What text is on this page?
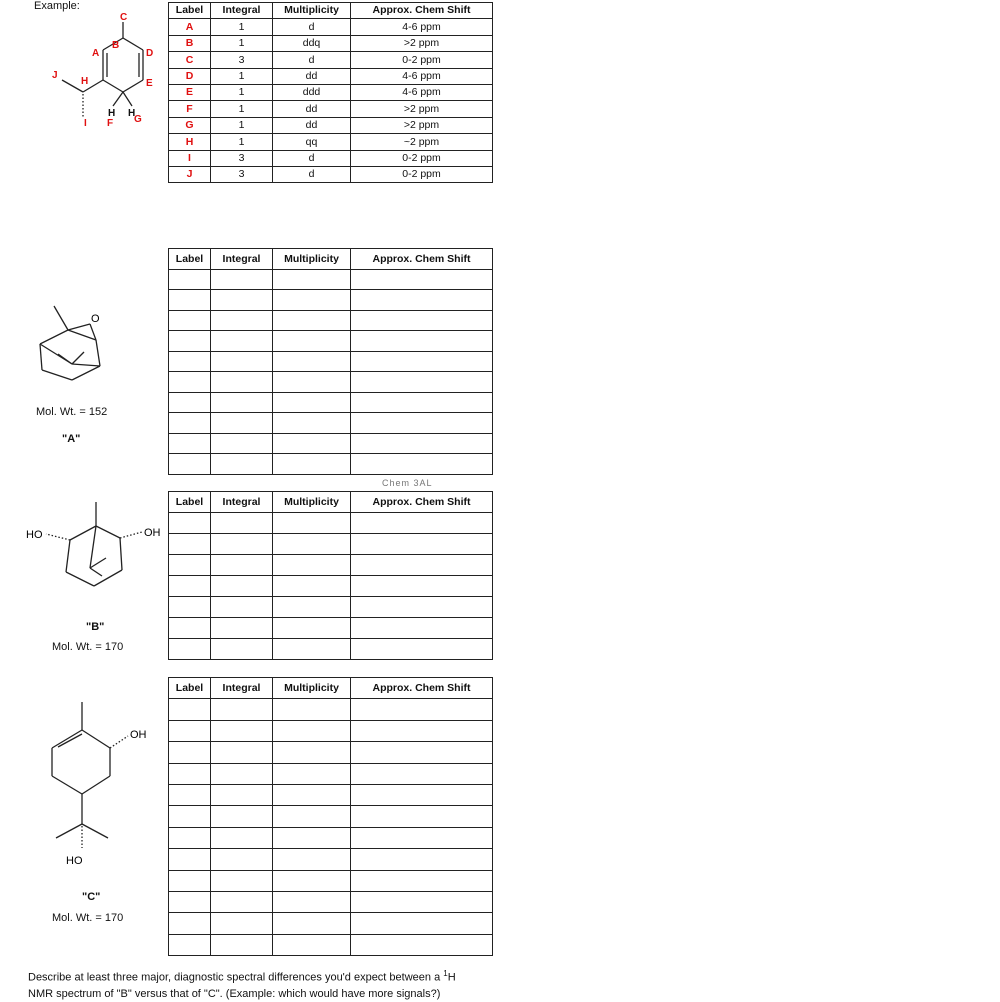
Example:
C
B
A	D
E
H
J
I F G
H H
Label	Integral	Multiplicity	Approx. Chem Shift
A	1	d	4-6 ppm
B	1	ddq	>2 ppm
C	3	d	0-2 ppm
D	1	dd	4-6 ppm
E	1	ddd	4-6 ppm
F	1	dd	>2 ppm
G	1	dd	>2 ppm
H	1	qq	~2 ppm
I	3	d	0-2 ppm
J	3	d	0-2 ppm
O
Mol. Wt. = 152
"A"
Label	Integral	Multiplicity	Approx. Chem Shift

Chem 3AL
HO	OH
"B"
Mol. Wt. = 170
Label	Integral	Multiplicity	Approx. Chem Shift

OH
HO
"C"
Mol. Wt. = 170
Label	Integral	Multiplicity	Approx. Chem Shift

Describe at least three major, diagnostic spectral differences you'd expect between a $^1$H
NMR spectrum of "B" versus that of "C". (Example: which would have more signals?)
